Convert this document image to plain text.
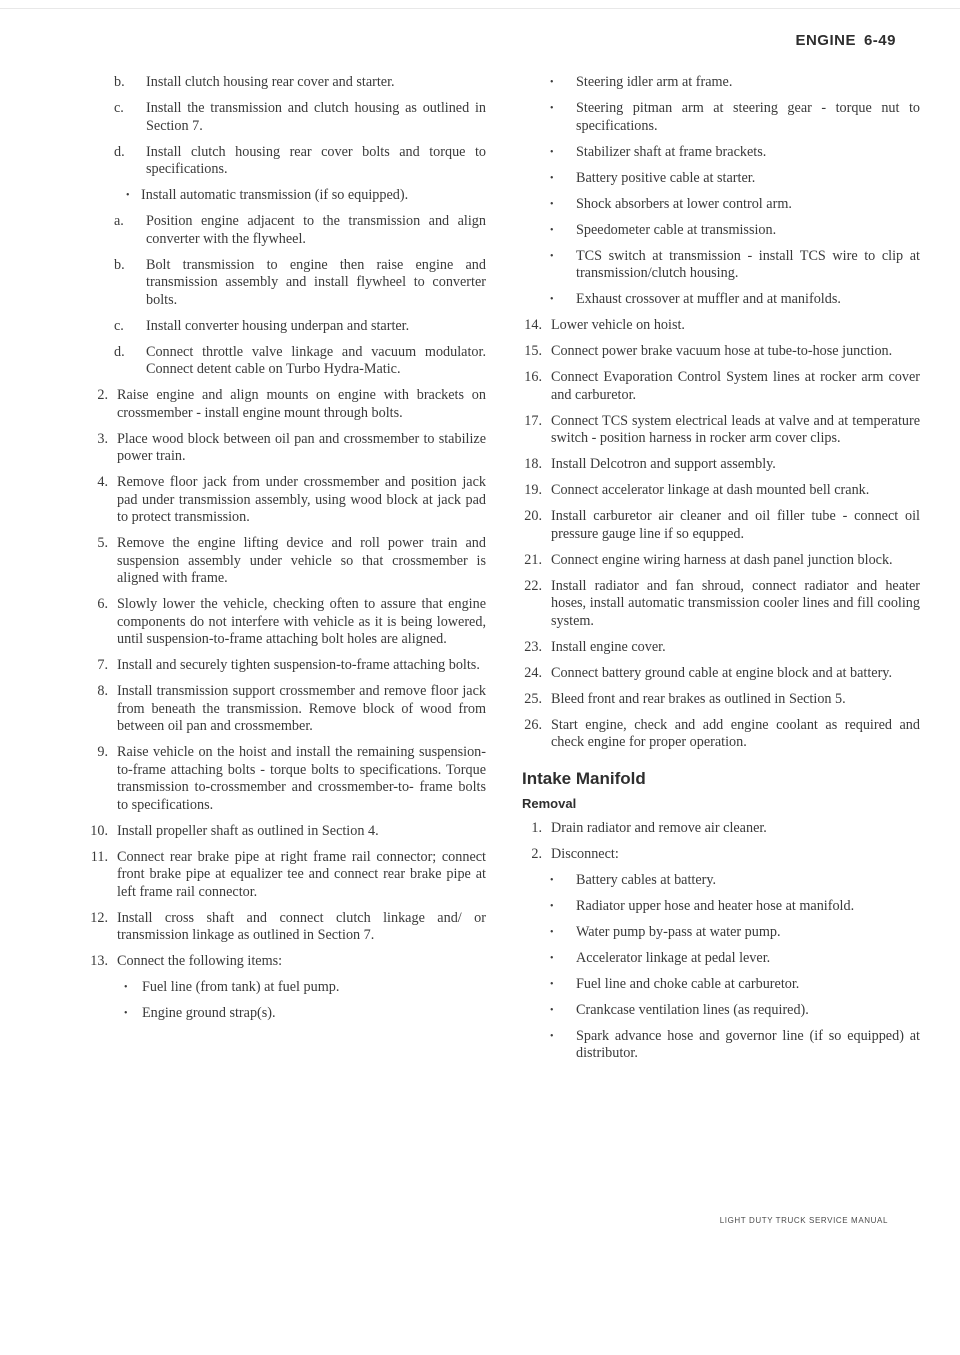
ENGINE 6-49
b. Install clutch housing rear cover and starter.
c. Install the transmission and clutch housing as outlined in Section 7.
d. Install clutch housing rear cover bolts and torque to specifications.
• Install automatic transmission (if so equipped).
a. Position engine adjacent to the transmission and align converter with the flywheel.
b. Bolt transmission to engine then raise engine and transmission assembly and install flywheel to converter bolts.
c. Install converter housing underpan and starter.
d. Connect throttle valve linkage and vacuum modulator. Connect detent cable on Turbo Hydra-Matic.
2. Raise engine and align mounts on engine with brackets on crossmember - install engine mount through bolts.
3. Place wood block between oil pan and crossmember to stabilize power train.
4. Remove floor jack from under crossmember and position jack pad under transmission assembly, using wood block at jack pad to protect transmission.
5. Remove the engine lifting device and roll power train and suspension assembly under vehicle so that crossmember is aligned with frame.
6. Slowly lower the vehicle, checking often to assure that engine components do not interfere with vehicle as it is being lowered, until suspension-to-frame attaching bolt holes are aligned.
7. Install and securely tighten suspension-to-frame attaching bolts.
8. Install transmission support crossmember and remove floor jack from beneath the transmission. Remove block of wood from between oil pan and crossmember.
9. Raise vehicle on the hoist and install the remaining suspension-to-frame attaching bolts - torque bolts to specifications. Torque transmission to-crossmember and crossmember-to- frame bolts to specifications.
10. Install propeller shaft as outlined in Section 4.
11. Connect rear brake pipe at right frame rail connector; connect front brake pipe at equalizer tee and connect rear brake pipe at left frame rail connector.
12. Install cross shaft and connect clutch linkage and/ or transmission linkage as outlined in Section 7.
13. Connect the following items:
• Fuel line (from tank) at fuel pump.
• Engine ground strap(s).
• Steering idler arm at frame.
• Steering pitman arm at steering gear - torque nut to specifications.
• Stabilizer shaft at frame brackets.
• Battery positive cable at starter.
• Shock absorbers at lower control arm.
• Speedometer cable at transmission.
• TCS switch at transmission - install TCS wire to clip at transmission/clutch housing.
• Exhaust crossover at muffler and at manifolds.
14. Lower vehicle on hoist.
15. Connect power brake vacuum hose at tube-to-hose junction.
16. Connect Evaporation Control System lines at rocker arm cover and carburetor.
17. Connect TCS system electrical leads at valve and at temperature switch - position harness in rocker arm cover clips.
18. Install Delcotron and support assembly.
19. Connect accelerator linkage at dash mounted bell crank.
20. Install carburetor air cleaner and oil filler tube - connect oil pressure gauge line if so equpped.
21. Connect engine wiring harness at dash panel junction block.
22. Install radiator and fan shroud, connect radiator and heater hoses, install automatic transmission cooler lines and fill cooling system.
23. Install engine cover.
24. Connect battery ground cable at engine block and at battery.
25. Bleed front and rear brakes as outlined in Section 5.
26. Start engine, check and add engine coolant as required and check engine for proper operation.
Intake Manifold
Removal
1. Drain radiator and remove air cleaner.
2. Disconnect:
• Battery cables at battery.
• Radiator upper hose and heater hose at manifold.
• Water pump by-pass at water pump.
• Accelerator linkage at pedal lever.
• Fuel line and choke cable at carburetor.
• Crankcase ventilation lines (as required).
• Spark advance hose and governor line (if so equipped) at distributor.
LIGHT DUTY TRUCK SERVICE MANUAL
